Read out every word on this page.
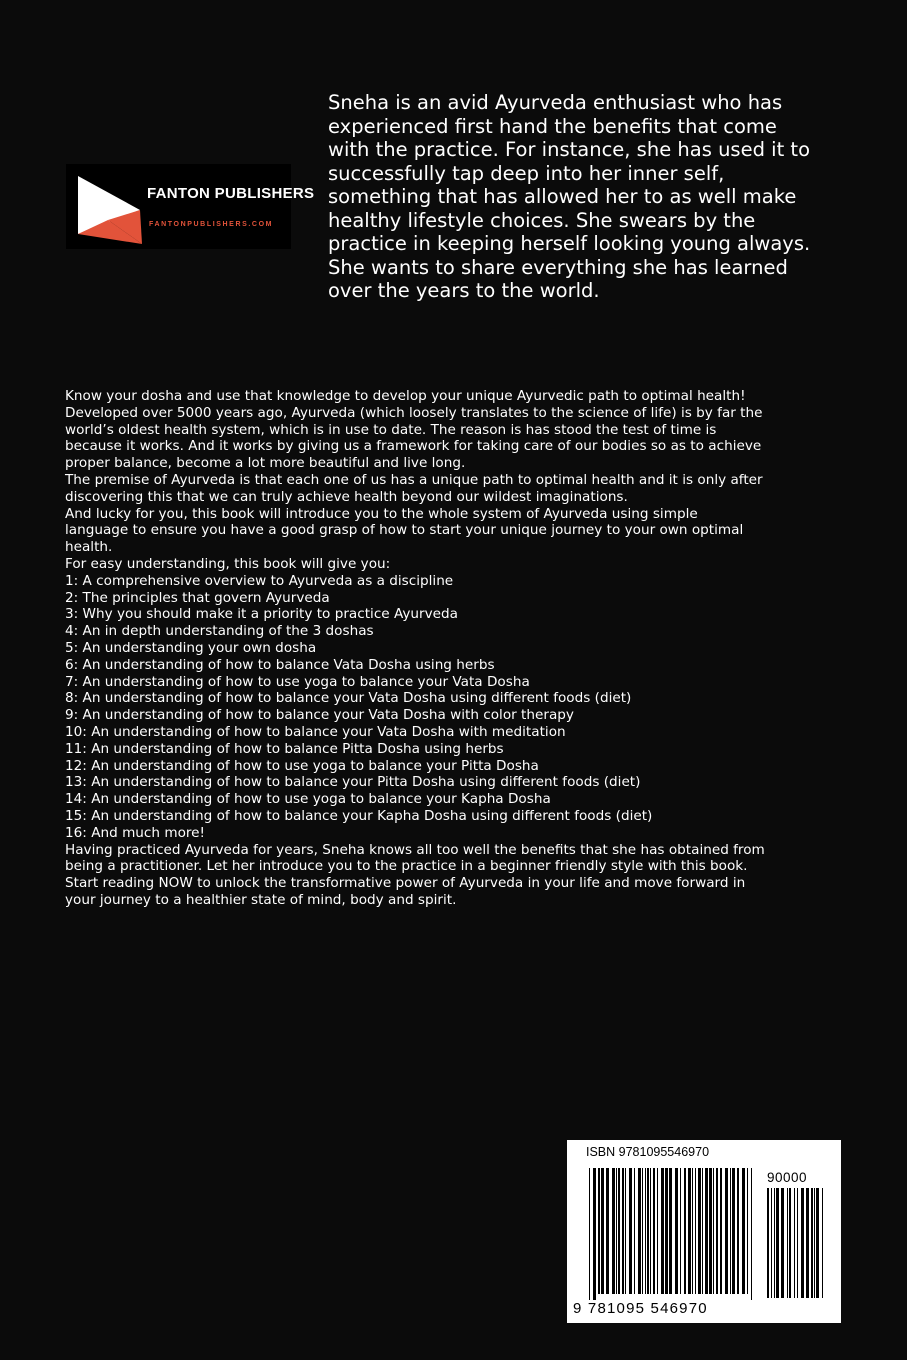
FANTON PUBLISHERS
FANTONPUBLISHERS.COM
Sneha is an avid Ayurveda enthusiast who has
experienced first hand the benefits that come
with the practice. For instance, she has used it to
successfully tap deep into her inner self,
something that has allowed her to as well make
healthy lifestyle choices. She swears by the
practice in keeping herself looking young always.
She wants to share everything she has learned
over the years to the world.

Know your dosha and use that knowledge to develop your unique Ayurvedic path to optimal health!

Developed over 5000 years ago, Ayurveda (which loosely translates to the science of life) is by far the

world’s oldest health system, which is in use to date. The reason is has stood the test of time is

because it works. And it works by giving us a framework for taking care of our bodies so as to achieve

proper balance, become a lot more beautiful and live long.

The premise of Ayurveda is that each one of us has a unique path to optimal health and it is only after

discovering this that we can truly achieve health beyond our wildest imaginations.

And lucky for you, this book will introduce you to the whole system of Ayurveda using simple

language to ensure you have a good grasp of how to start your unique journey to your own optimal

health.

For easy understanding, this book will give you:

1: A comprehensive overview to Ayurveda as a discipline

2: The principles that govern Ayurveda

3: Why you should make it a priority to practice Ayurveda

4: An in depth understanding of the 3 doshas

5: An understanding your own dosha

6: An understanding of how to balance Vata Dosha using herbs

7: An understanding of how to use yoga to balance your Vata Dosha

8: An understanding of how to balance your Vata Dosha using different foods (diet)

9: An understanding of how to balance your Vata Dosha with color therapy

10: An understanding of how to balance your Vata Dosha with meditation

11: An understanding of how to balance Pitta Dosha using herbs

12: An understanding of how to use yoga to balance your Pitta Dosha

13: An understanding of how to balance your Pitta Dosha using different foods (diet)

14: An understanding of how to use yoga to balance your Kapha Dosha

15: An understanding of how to balance your Kapha Dosha using different foods (diet)

16: And much more!

Having practiced Ayurveda for years, Sneha knows all too well the benefits that she has obtained from

being a practitioner. Let her introduce you to the practice in a beginner friendly style with this book.

Start reading NOW to unlock the transformative power of Ayurveda in your life and move forward in

your journey to a healthier state of mind, body and spirit.

ISBN 9781095546970
90000
9 781095 546970
